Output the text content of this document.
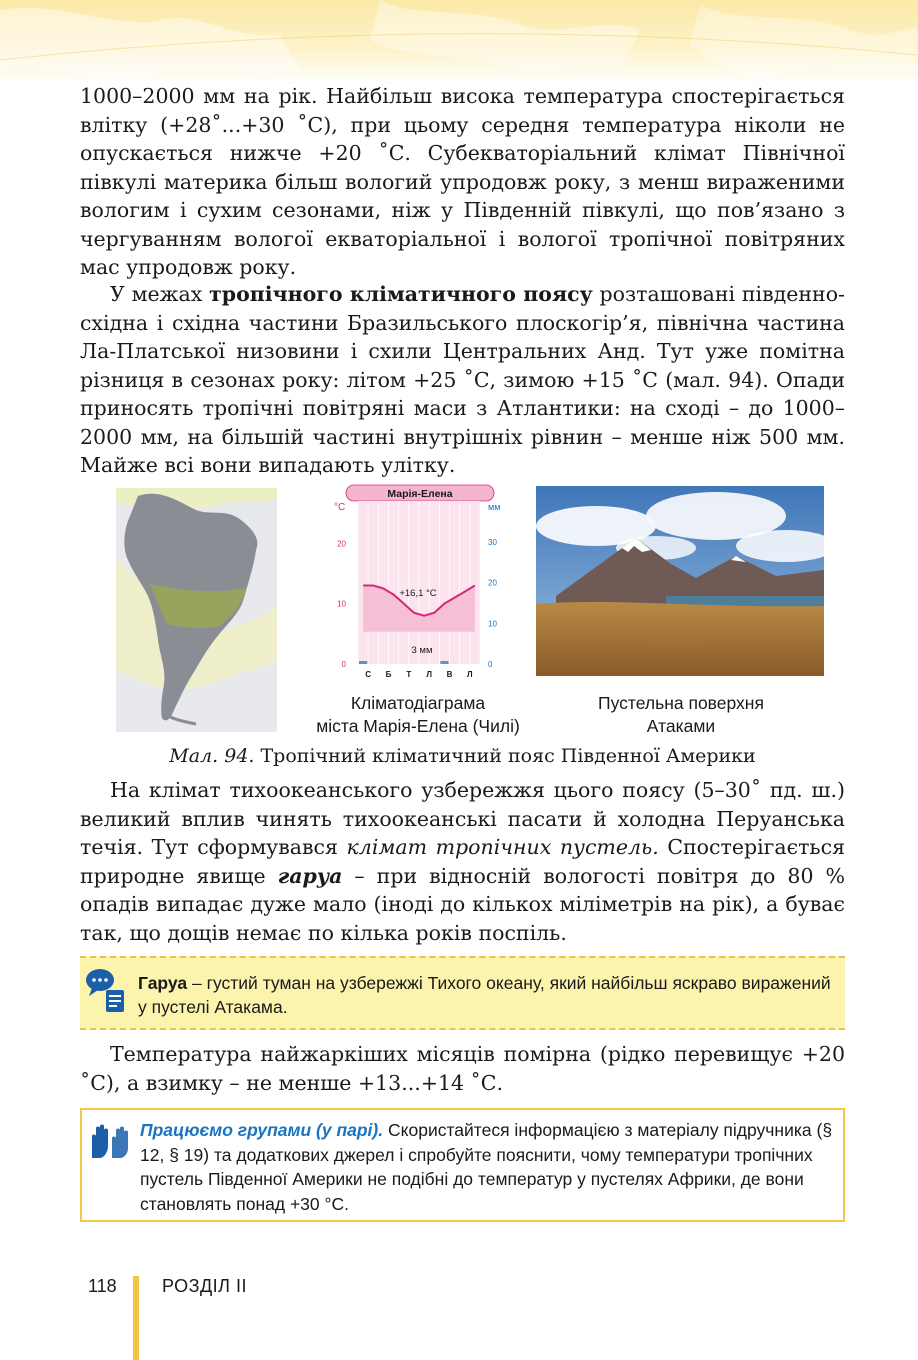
1000–2000 мм на рік. Найбільш висока температура спостерігається влітку (+28˚...+30 ˚С), при цьому середня температура ніколи не опускається нижче +20 ˚С. Субекваторіальний клімат Північної півкулі материка більш вологий упродовж року, з менш вираженими вологим і сухим сезонами, ніж у Південній півкулі, що пов’язано з чергуванням вологої екваторіальної і вологої тропічної повітряних мас упродовж року.

У межах тропічного кліматичного поясу розташовані південно-східна і східна частини Бразильського плоскогір’я, північна частина Ла-Платської низовини і схили Центральних Анд. Тут уже помітна різниця в сезонах року: літом +25 ˚С, зимою +15 ˚С (мал. 94). Опади приносять тропічні повітряні маси з Атлантики: на сході – до 1000–2000 мм, на більшій частині внутрішніх рівнин – менше ніж 500 мм. Майже всі вони випадають улітку.

Марія-Елена
°С	мм
0
10
20
0
10
20
30
+16,1 °С
3 мм
С Б Т Л В Л
Кліматодіаграма
міста Марія-Елена (Чилі)
Пустельна поверхня
Атаками
Мал. 94. Тропічний кліматичний пояс Південної Америки

На клімат тихоокеанського узбережжя цього поясу (5–30˚ пд. ш.) великий вплив чинять тихоокеанські пасати й холодна Перуанська течія. Тут сформувався клімат тропічних пустель. Спостерігається природне явище гаруа – при відносній вологості повітря до 80 % опадів випадає дуже мало (іноді до кількох міліметрів на рік), а буває так, що дощів немає по кілька років поспіль.

Гаруа – густий туман на узбережжі Тихого океану, який найбільш яскраво виражений у пустелі Атакама.

Температура найжаркіших місяців помірна (рідко перевищує +20 ˚С), а взимку – не менше +13...+14 ˚С.

Працюємо групами (у парі). Скористайтеся інформацією з матеріалу підручника (§ 12, § 19) та додаткових джерел і спробуйте пояснити, чому температури тропічних пустель Південної Америки не подібні до температур у пустелях Африки, де вони становлять понад +30 °С.
118	РОЗДІЛ ІІ
